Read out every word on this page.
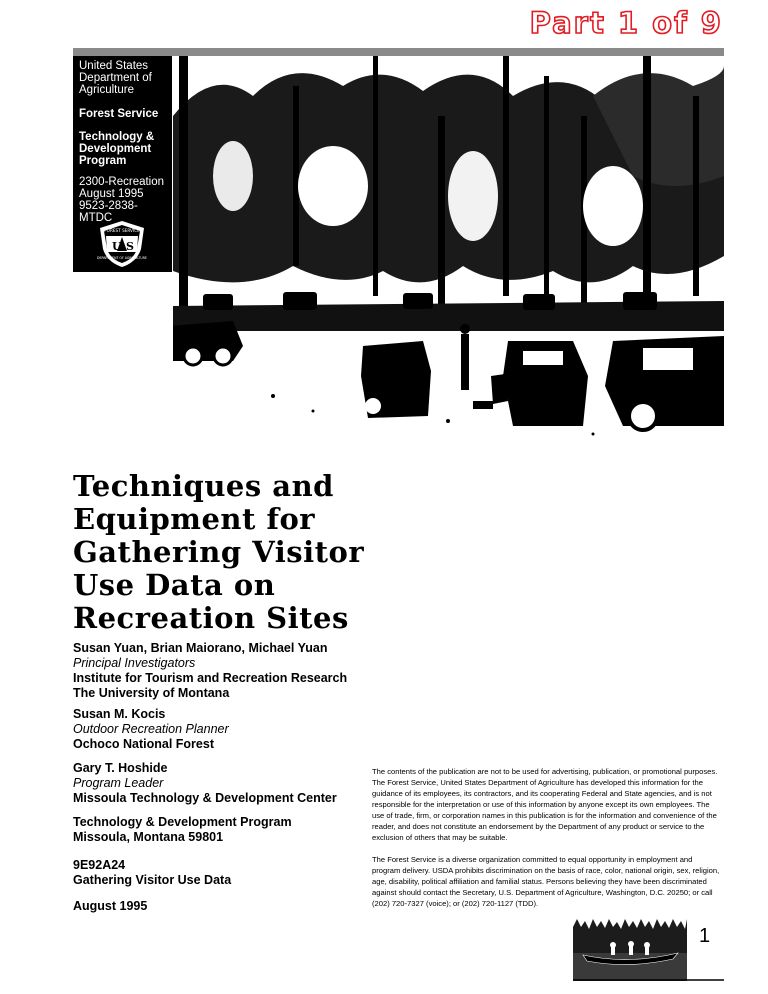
Part 1 of 9
United States Department of Agriculture
Forest Service
Technology & Development Program
2300-Recreation
August 1995
9523-2838-MTDC
U S
FOREST SERVICE
DEPARTMENT OF AGRICULTURE
Techniques and
Equipment for
Gathering Visitor
Use Data on
Recreation Sites
Susan Yuan, Brian Maiorano, Michael Yuan
Principal Investigators
Institute for Tourism and Recreation Research
The University of Montana
Susan M. Kocis
Outdoor Recreation Planner
Ochoco National Forest
Gary T. Hoshide
Program Leader
Missoula Technology & Development Center
Technology & Development Program
Missoula, Montana 59801
9E92A24
Gathering Visitor Use Data
August 1995
The contents of the publication are not to be used for advertising, publication, or promotional purposes. The Forest Service, United States Department of Agriculture has developed this information for the guidance of its employees, its contractors, and its cooperating Federal and State agencies, and is not responsible for the interpretation or use of this information by anyone except its own employees. The use of trade, firm, or corporation names in this publication is for the information and convenience of the reader, and does not constitute an endorsement by the Department of any product or service to the exclusion of others that may be suitable.
The Forest Service is a diverse organization committed to equal opportunity in employment and program delivery. USDA prohibits discrimination on the basis of race, color, national origin, sex, religion, age, disability, political affiliation and familial status. Persons believing they have been discriminated against should contact the Secretary, U.S. Department of Agriculture, Washington, D.C. 20250; or call (202) 720-7327 (voice); or (202) 720-1127 (TDD).
1
